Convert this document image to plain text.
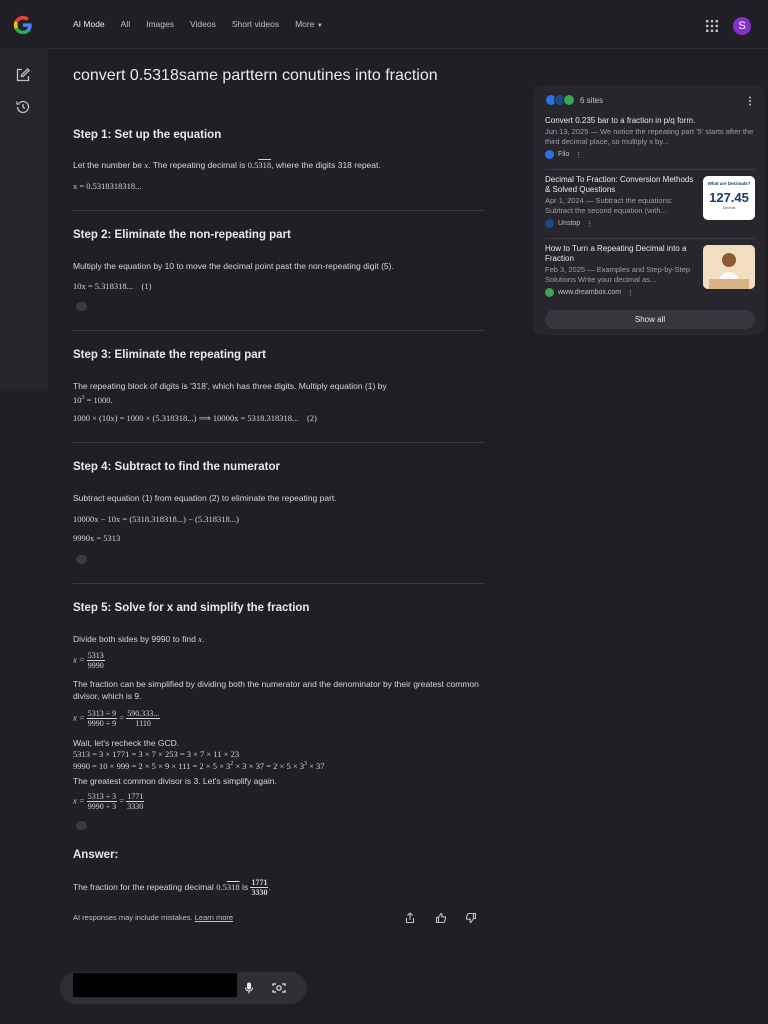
AI Mode All Images Videos Short videos More ▼	S
convert 0.5318same parttern conutines into fraction
Step 1: Set up the equation
Let the number be x. The repeating decimal is 0.5318, where the digits 318 repeat.
x = 0.5318318318...
Step 2: Eliminate the non-repeating part
Multiply the equation by 10 to move the decimal point past the non-repeating digit (5).
10x = 5.318318... (1)
Step 3: Eliminate the repeating part
The repeating block of digits is '318', which has three digits. Multiply equation (1) by
$10^3 = 1000$.
1000 × (10x) = 1000 × (5.318318...) ⟹ 10000x = 5318.318318... (2)
Step 4: Subtract to find the numerator
Subtract equation (1) from equation (2) to eliminate the repeating part.
10000x − 10x = (5318.318318...) − (5.318318...)
9990x = 5313
Step 5: Solve for x and simplify the fraction
Divide both sides by 9990 to find x.
$x = \frac{5313}{9990}$
The fraction can be simplified by dividing both the numerator and the denominator by their greatest common divisor, which is 9.
$x = \frac{5313 \div 9}{9990 \div 9} = \frac{590.333...}{1110}$
Wait, let's recheck the GCD.
5313 = 3 × 1771 = 3 × 7 × 253 = 3 × 7 × 11 × 23
$9990 = 10 \times 999 = 2 \times 5 \times 9 \times 111 = 2 \times 5 \times 3^2 \times 3 \times 37 = 2 \times 5 \times 3^3 \times 37$
The greatest common divisor is 3. Let's simplify again.
$x = \frac{5313 \div 3}{9990 \div 3} = \frac{1771}{3330}$
Answer:
The fraction for the repeating decimal 0.5318 is $\frac{1771}{3330}$ .
AI responses may include mistakes. Learn more
6 sites
Convert 0.235 bar to a fraction in p/q form.
Jun 13, 2025 — We notice the repeating part '5' starts after the third decimal place, so multiply x by...
Filo ⋮
Decimal To Fraction: Conversion Methods & Solved Questions
Apr 1, 2024 — Subtract the equations: Subtract the second equation (with...
Unstop ⋮
What are Decimals?
127.45
Decimal
How to Turn a Repeating Decimal into a Fraction
Feb 3, 2025 — Examples and Step-by-Step Solutions Write your decimal as...
www.dreambox.com ⋮
Show all
